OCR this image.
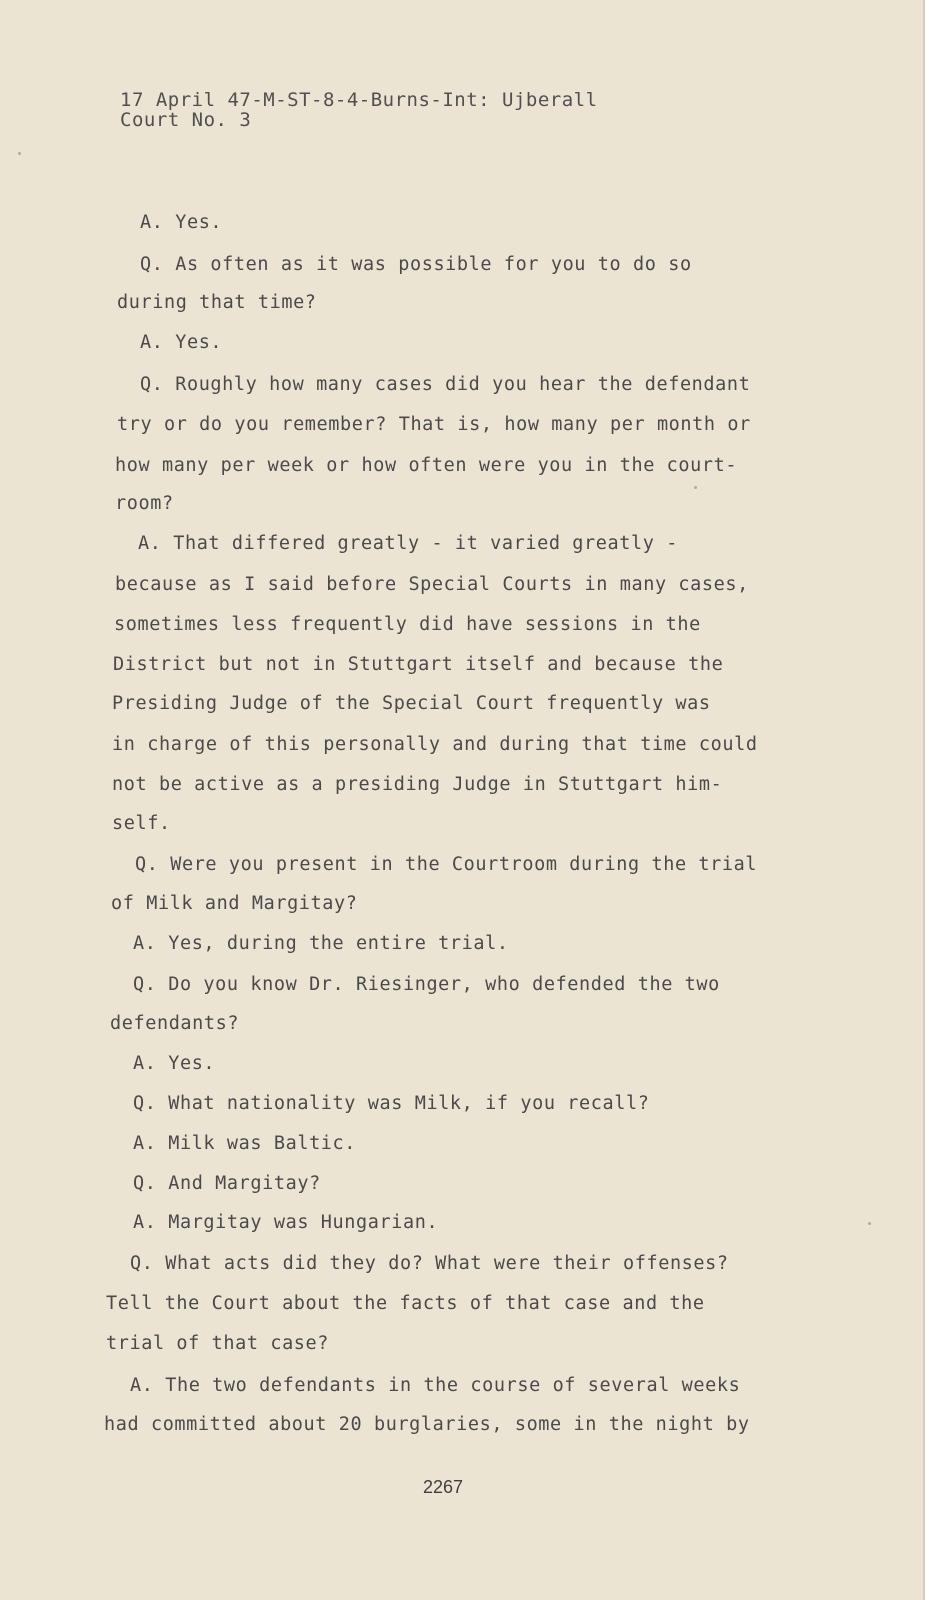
17 April 47-M-ST-8-4-Burns-Int: Ujberall
Court No. 3
A. Yes.
Q. As often as it was possible for you to do so
during that time?
A. Yes.
Q. Roughly how many cases did you hear the defendant
try or do you remember? That is, how many per month or
how many per week or how often were you in the court-
room?
A. That differed greatly - it varied greatly -
because as I said before Special Courts in many cases,
sometimes less frequently did have sessions in the
District but not in Stuttgart itself and because the
Presiding Judge of the Special Court frequently was
in charge of this personally and during that time could
not be active as a presiding Judge in Stuttgart him-
self.
Q. Were you present in the Courtroom during the trial
of Milk and Margitay?
A. Yes, during the entire trial.
Q. Do you know Dr. Riesinger, who defended the two
defendants?
A. Yes.
Q. What nationality was Milk, if you recall?
A. Milk was Baltic.
Q. And Margitay?
A. Margitay was Hungarian.
Q. What acts did they do? What were their offenses?
Tell the Court about the facts of that case and the
trial of that case?
A. The two defendants in the course of several weeks
had committed about 20 burglaries, some in the night by
2267
